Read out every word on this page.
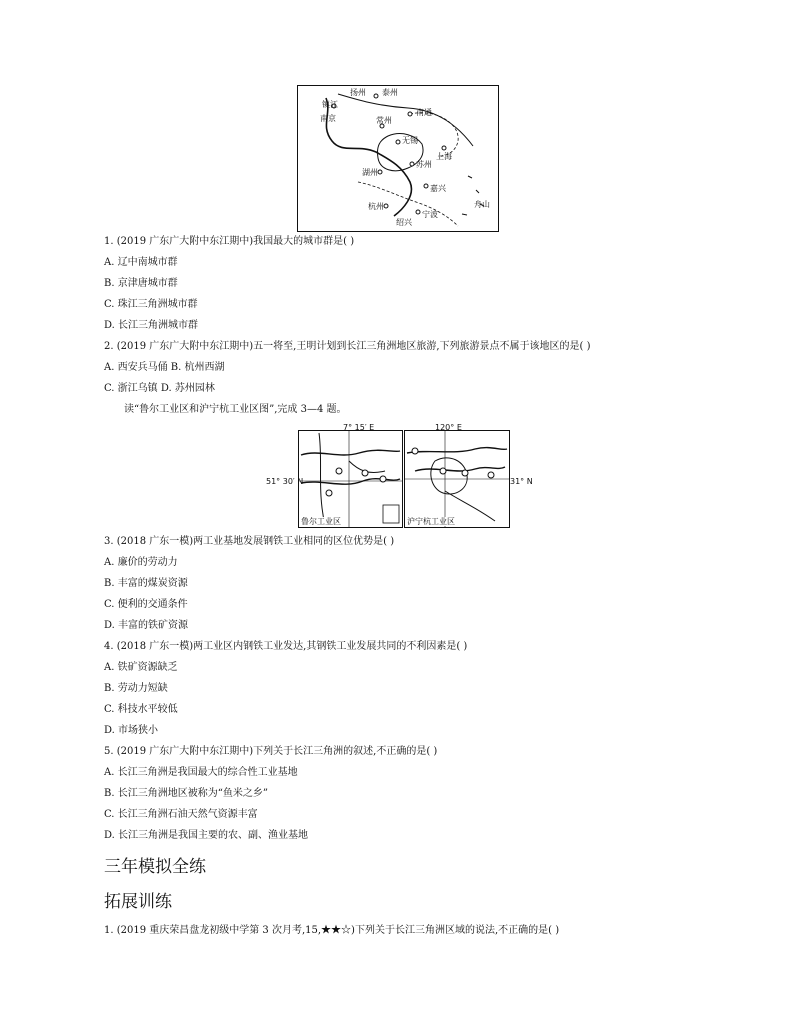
扬州 泰州
镇江
南京
南通
常州
无锡
上海
苏州
湖州
嘉兴
杭州
宁波
绍兴
舟山
1. (2019 广东广大附中东江期中)我国最大的城市群是( )
A. 辽中南城市群
B. 京津唐城市群
C. 珠江三角洲城市群
D. 长江三角洲城市群
2. (2019 广东广大附中东江期中)五一将至,王明计划到长江三角洲地区旅游,下列旅游景点不属于该地区的是( )
A. 西安兵马俑 B. 杭州西湖
C. 浙江乌镇 D. 苏州园林
读“鲁尔工业区和沪宁杭工业区图”,完成 3—4 题。
7° 15′ E
鲁尔工业区
51° 30′ N
120° E
沪宁杭工业区
31° N
3. (2018 广东一模)两工业基地发展钢铁工业相同的区位优势是( )
A. 廉价的劳动力
B. 丰富的煤炭资源
C. 便利的交通条件
D. 丰富的铁矿资源
4. (2018 广东一模)两工业区内钢铁工业发达,其钢铁工业发展共同的不利因素是( )
A. 铁矿资源缺乏
B. 劳动力短缺
C. 科技水平较低
D. 市场狭小
5. (2019 广东广大附中东江期中)下列关于长江三角洲的叙述,不正确的是( )
A. 长江三角洲是我国最大的综合性工业基地
B. 长江三角洲地区被称为“鱼米之乡”
C. 长江三角洲石油天然气资源丰富
D. 长江三角洲是我国主要的农、副、渔业基地
三年模拟全练
拓展训练
1. (2019 重庆荣昌盘龙初级中学第 3 次月考,15,★★☆)下列关于长江三角洲区域的说法,不正确的是( )
